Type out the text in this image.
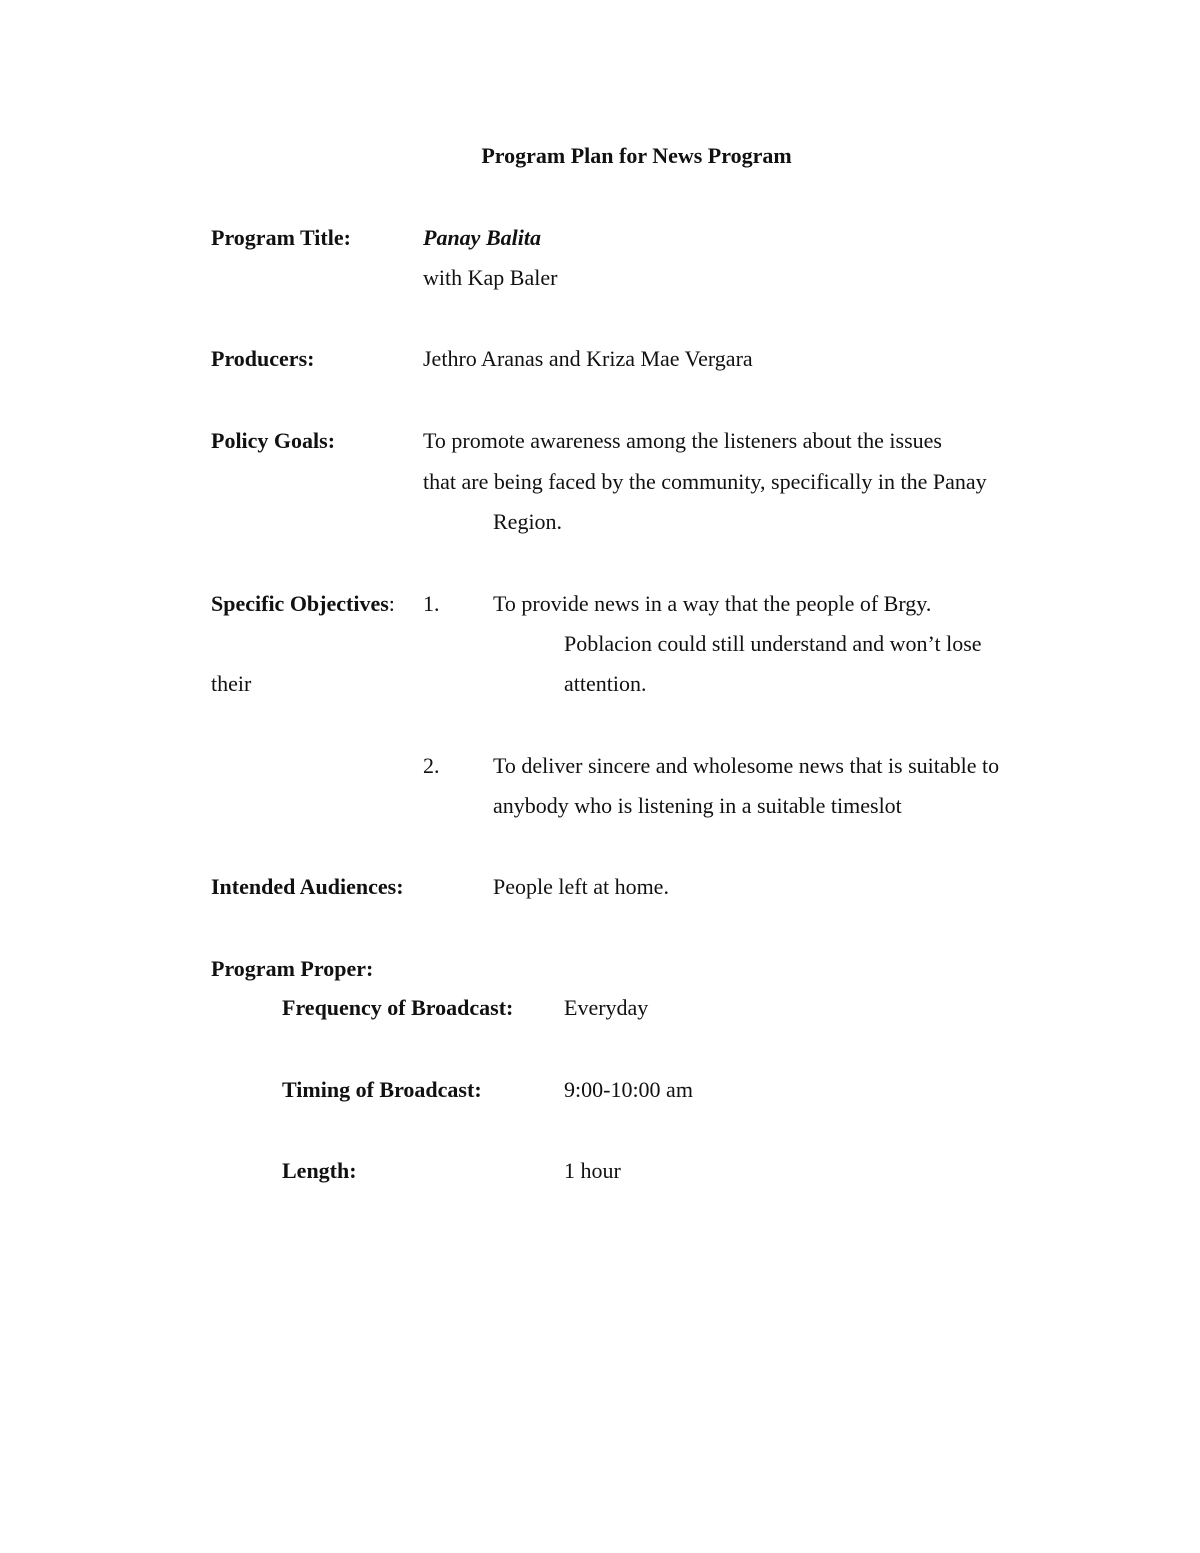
Program Plan for News Program
Program Title:	Panay Balita
with Kap Baler
Producers:	Jethro Aranas and Kriza Mae Vergara
Policy Goals:	To promote awareness among the listeners about the issues
that are being faced by the community, specifically in the Panay
Region.
Specific Objectives: 1. To provide news in a way that the people of Brgy.
Poblacion could still understand and won’t lose
their	attention.
2. To deliver sincere and wholesome news that is suitable to
anybody who is listening in a suitable timeslot
Intended Audiences:	People left at home.
Program Proper:
Frequency of Broadcast: Everyday
Timing of Broadcast:	9:00-10:00 am
Length:	1 hour
